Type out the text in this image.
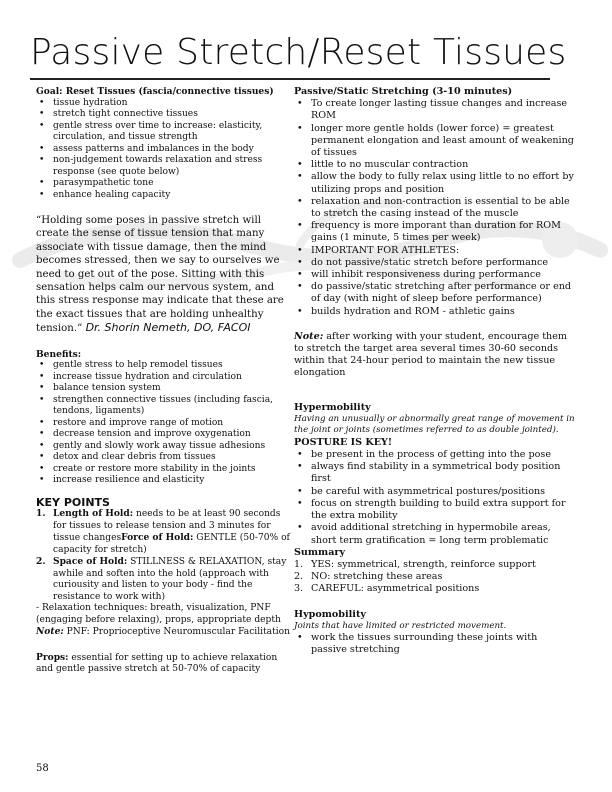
Passive Stretch/Reset Tissues
Goal: Reset Tissues (fascia/connective tissues)
• tissue hydration
• stretch tight connective tissues
• gentle stress over time to increase: elasticity, circulation, and tissue strength
• assess patterns and imbalances in the body
• non-judgement towards relaxation and stress response (see quote below)
• parasympathetic tone
• enhance healing capacity
“Holding some poses in passive stretch will create the sense of tissue tension that many associate with tissue damage, then the mind becomes stressed, then we say to ourselves we need to get out of the pose. Sitting with this sensation helps calm our nervous system, and this stress response may indicate that these are the exact tissues that are holding unhealthy tension.” Dr. Shorin Nemeth, DO, FACOI
Benefits:
• gentle stress to help remodel tissues
• increase tissue hydration and circulation
• balance tension system
• strengthen connective tissues (including fascia, tendons, ligaments)
• restore and improve range of motion
• decrease tension and improve oxygenation
• gently and slowly work away tissue adhesions
• detox and clear debris from tissues
• create or restore more stability in the joints
• increase resilience and elasticity
KEY POINTS
1. Length of Hold: needs to be at least 90 seconds for tissues to release tension and 3 minutes for tissue changesForce of Hold: GENTLE (50-70% of capacity for stretch)
2. Space of Hold: STILLNESS & RELAXATION, stay awhile and soften into the hold (approach with curiousity and listen to your body - find the resistance to work with)
- Relaxation techniques: breath, visualization, PNF (engaging before relaxing), props, appropriate depth
Note: PNF: Proprioceptive Neuromuscular Facilitation
Props: essential for setting up to achieve relaxation and gentle passive stretch at 50-70% of capacity
Passive/Static Stretching (3-10 minutes)
• To create longer lasting tissue changes and increase ROM
• longer more gentle holds (lower force) = greatest permanent elongation and least amount of weakening of tissues
• little to no muscular contraction
• allow the body to fully relax using little to no effort by utilizing props and position
• relaxation and non-contraction is essential to be able to stretch the casing instead of the muscle
• frequency is more imporant than duration for ROM gains (1 minute, 5 times per week)
• IMPORTANT FOR ATHLETES:
• do not passive/static stretch before performance
• will inhibit responsiveness during performance
• do passive/static stretching after performance or end of day (with night of sleep before performance)
• builds hydration and ROM - athletic gains
Note: after working with your student, encourage them to stretch the target area several times 30-60 seconds within that 24-hour period to maintain the new tissue elongation
Hypermobility
Having an unusually or abnormally great range of movement in the joint or joints (sometimes referred to as double jointed).
POSTURE IS KEY!
• be present in the process of getting into the pose
• always find stability in a symmetrical body position first
• be careful with asymmetrical postures/positions
• focus on strength building to build extra support for the extra mobility
• avoid additional stretching in hypermobile areas, short term gratification = long term problematic
Summary
1. YES: symmetrical, strength, reinforce support
2. NO: stretching these areas
3. CAREFUL: asymmetrical positions
Hypomobility
Joints that have limited or restricted movement.
• work the tissues surrounding these joints with passive stretching
58
